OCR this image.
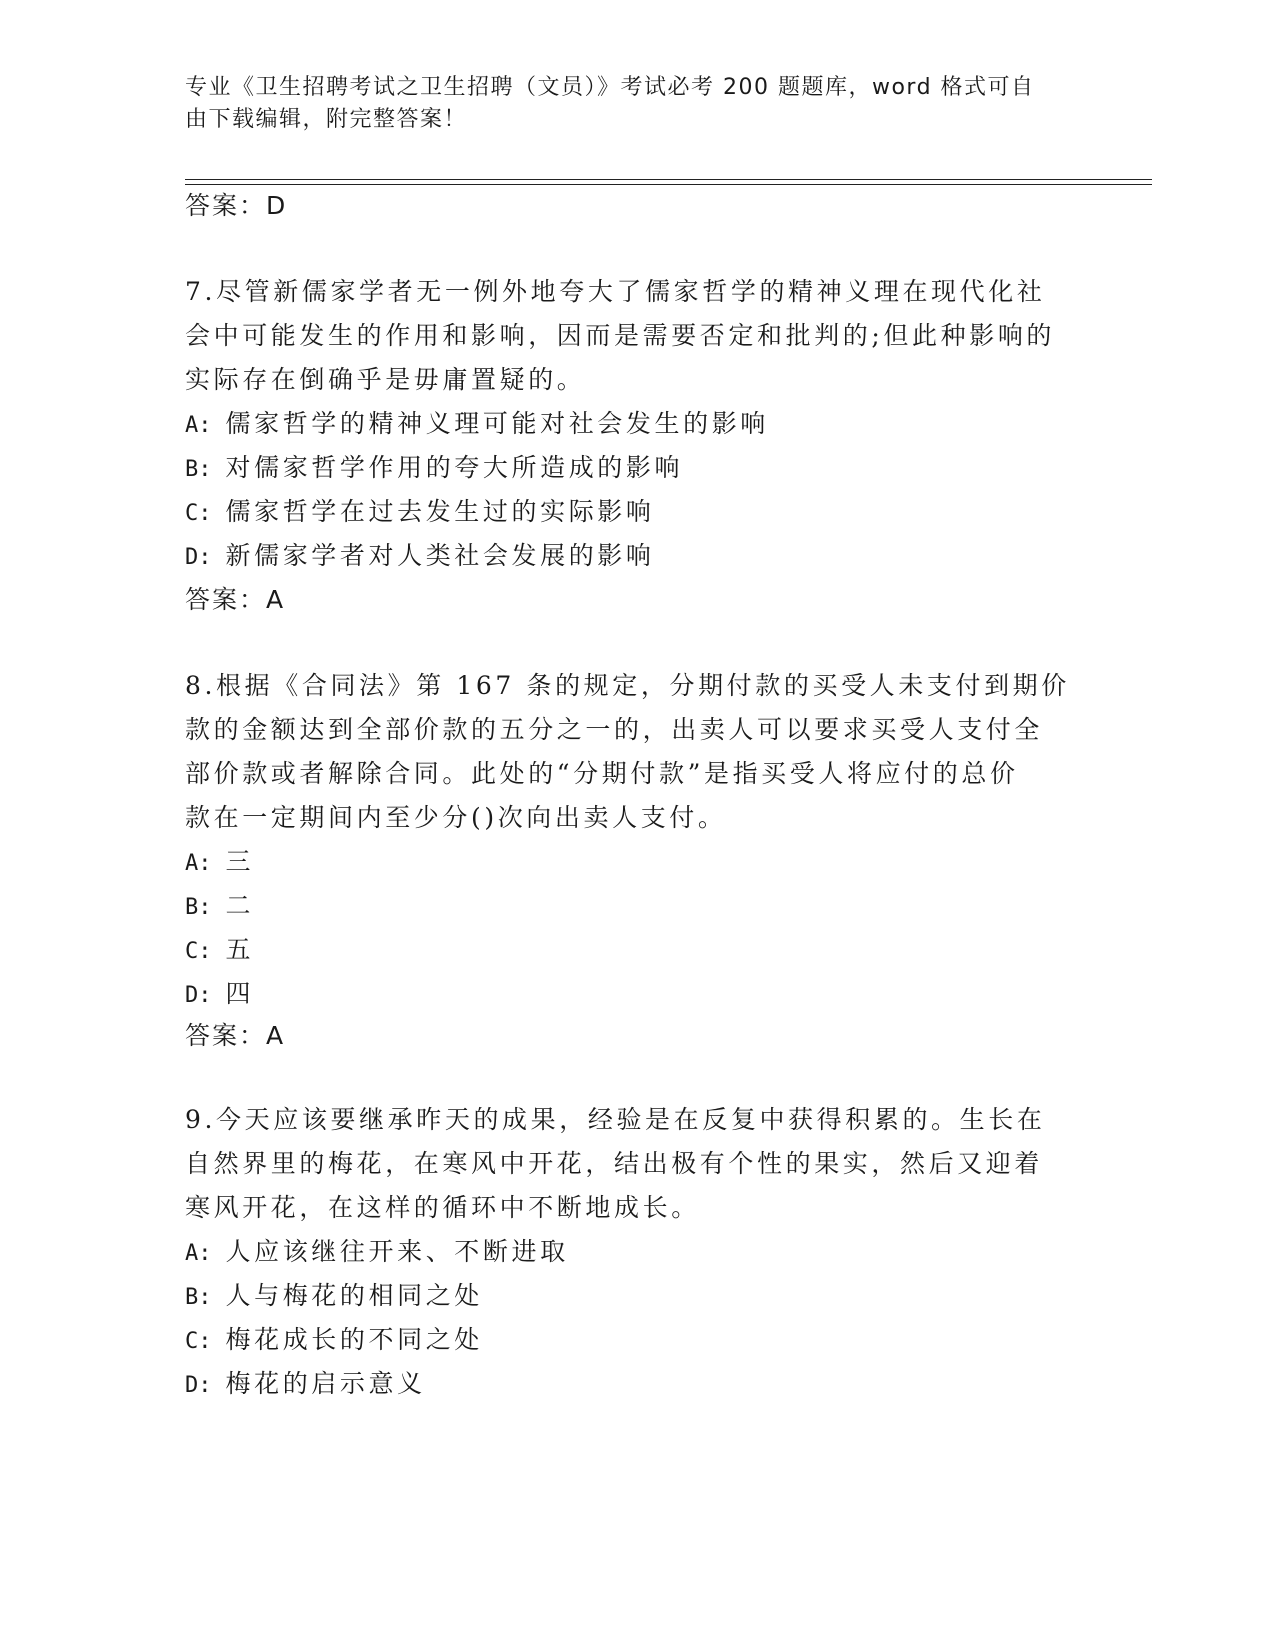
专业《卫生招聘考试之卫生招聘（文员）》考试必考 200 题题库，word 格式可自
由下载编辑，附完整答案！
答案：D
7.尽管新儒家学者无一例外地夸大了儒家哲学的精神义理在现代化社
会中可能发生的作用和影响，因而是需要否定和批判的;但此种影响的
实际存在倒确乎是毋庸置疑的。
A: 儒家哲学的精神义理可能对社会发生的影响
B: 对儒家哲学作用的夸大所造成的影响
C: 儒家哲学在过去发生过的实际影响
D: 新儒家学者对人类社会发展的影响
答案：A
8.根据《合同法》第 167 条的规定，分期付款的买受人未支付到期价
款的金额达到全部价款的五分之一的，出卖人可以要求买受人支付全
部价款或者解除合同。此处的“分期付款”是指买受人将应付的总价
款在一定期间内至少分()次向出卖人支付。
A: 三
B: 二
C: 五
D: 四
答案：A
9.今天应该要继承昨天的成果，经验是在反复中获得积累的。生长在
自然界里的梅花，在寒风中开花，结出极有个性的果实，然后又迎着
寒风开花，在这样的循环中不断地成长。
A: 人应该继往开来、不断进取
B: 人与梅花的相同之处
C: 梅花成长的不同之处
D: 梅花的启示意义
